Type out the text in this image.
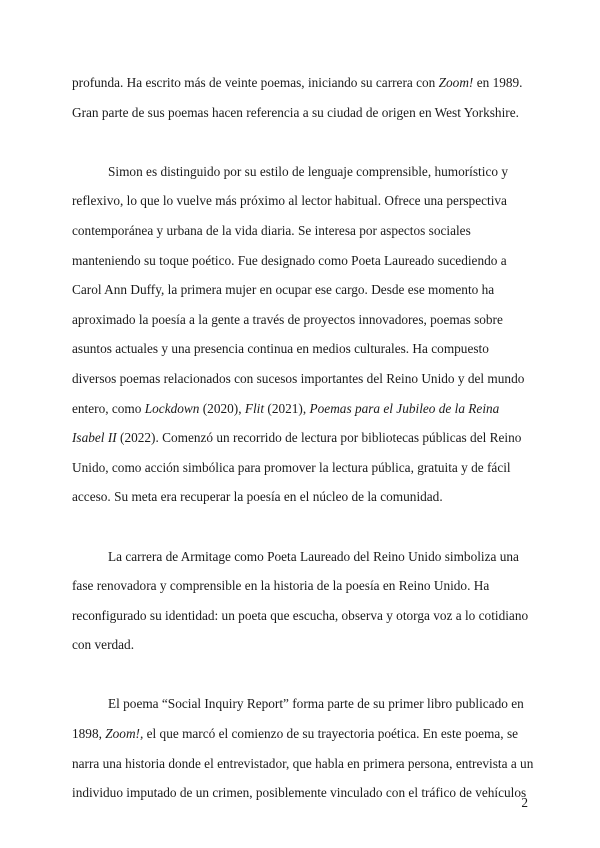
profunda. Ha escrito más de veinte poemas, iniciando su carrera con Zoom! en 1989.
Gran parte de sus poemas hacen referencia a su ciudad de origen en West Yorkshire.
Simon es distinguido por su estilo de lenguaje comprensible, humorístico y
reflexivo, lo que lo vuelve más próximo al lector habitual. Ofrece una perspectiva
contemporánea y urbana de la vida diaria. Se interesa por aspectos sociales
manteniendo su toque poético. Fue designado como Poeta Laureado sucediendo a
Carol Ann Duffy, la primera mujer en ocupar ese cargo. Desde ese momento ha
aproximado la poesía a la gente a través de proyectos innovadores, poemas sobre
asuntos actuales y una presencia continua en medios culturales. Ha compuesto
diversos poemas relacionados con sucesos importantes del Reino Unido y del mundo
entero, como Lockdown (2020), Flit (2021), Poemas para el Jubileo de la Reina
Isabel II (2022). Comenzó un recorrido de lectura por bibliotecas públicas del Reino
Unido, como acción simbólica para promover la lectura pública, gratuita y de fácil
acceso. Su meta era recuperar la poesía en el núcleo de la comunidad.
La carrera de Armitage como Poeta Laureado del Reino Unido simboliza una
fase renovadora y comprensible en la historia de la poesía en Reino Unido. Ha
reconfigurado su identidad: un poeta que escucha, observa y otorga voz a lo cotidiano
con verdad.
El poema “Social Inquiry Report” forma parte de su primer libro publicado en
1898, Zoom!, el que marcó el comienzo de su trayectoria poética. En este poema, se
narra una historia donde el entrevistador, que habla en primera persona, entrevista a un
individuo imputado de un crimen, posiblemente vinculado con el tráfico de vehículos
2
